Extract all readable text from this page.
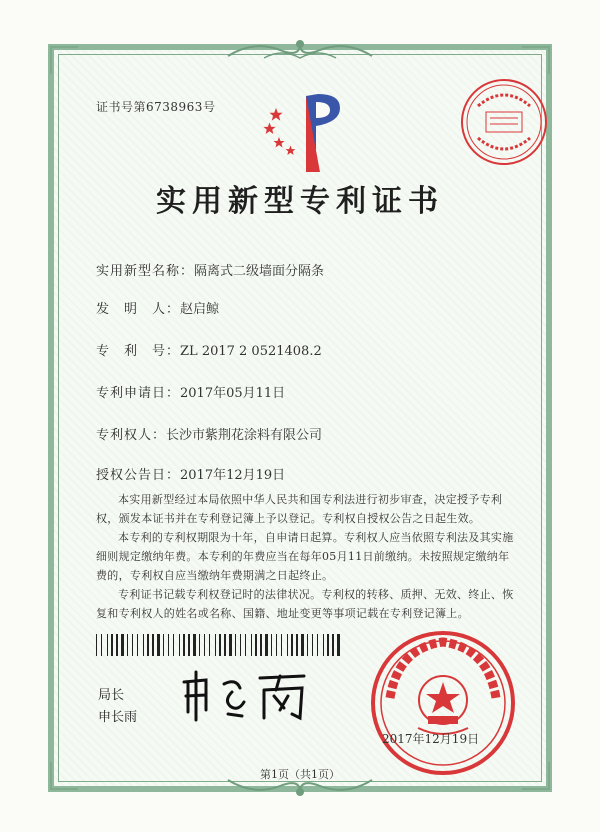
证书号第6738963号
实用新型专利证书
实用新型名称：隔离式二级墙面分隔条
发　明　人：赵启鲸
专　利　号：ZL 2017 2 0521408.2
专利申请日：2017年05月11日
专利权人：长沙市紫荆花涂料有限公司
授权公告日：2017年12月19日

本实用新型经过本局依照中华人民共和国专利法进行初步审查，决定授予专利权，颁发本证书并在专利登记簿上予以登记。专利权自授权公告之日起生效。

本专利的专利权期限为十年，自申请日起算。专利权人应当依照专利法及其实施细则规定缴纳年费。本专利的年费应当在每年05月11日前缴纳。未按照规定缴纳年费的，专利权自应当缴纳年费期满之日起终止。

专利证书记载专利权登记时的法律状况。专利权的转移、质押、无效、终止、恢复和专利权人的姓名或名称、国籍、地址变更等事项记载在专利登记簿上。

局长
申长雨
2017年12月19日
第1页（共1页）
